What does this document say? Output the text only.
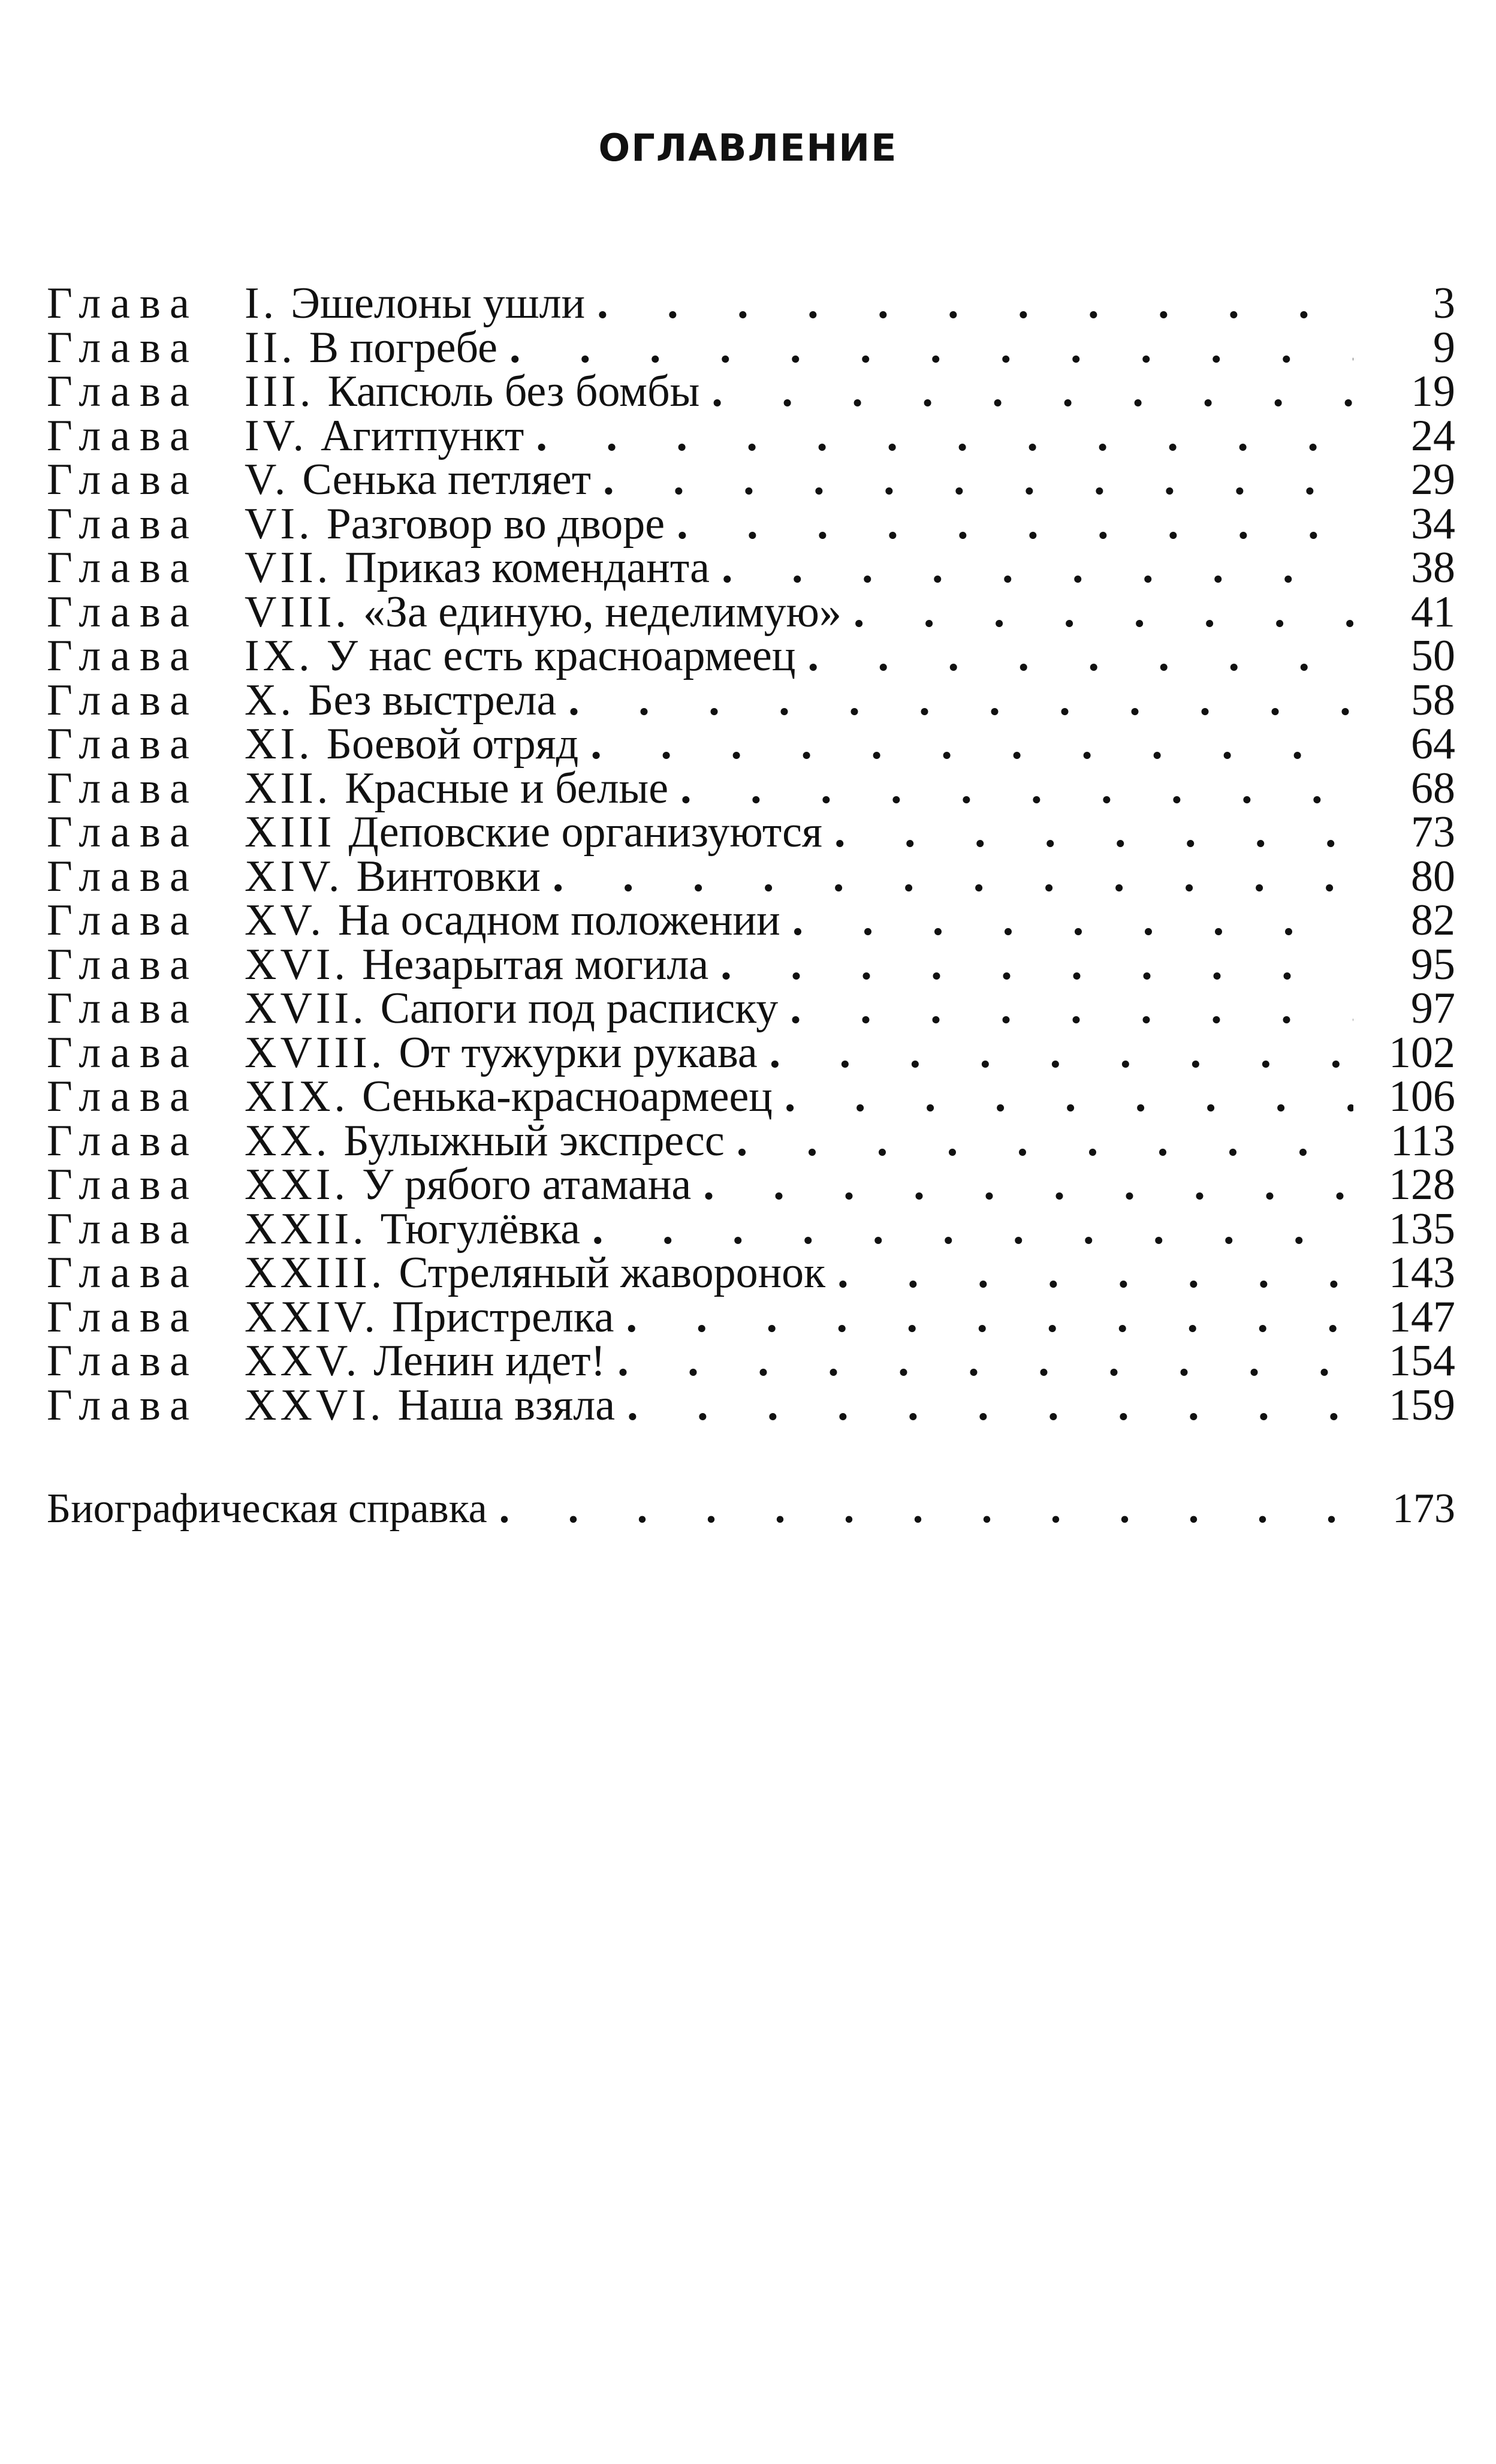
ОГЛАВЛЕНИЕ
Глава	I. Эшелоны ушли . . .	3
Глава	II. В погребе . . .	9
Глава	III. Капсюль без бомбы . . .	19
Глава	IV. Агитпункт . . .	24
Глава	V. Сенька петляет . . .	29
Глава	VI. Разговор во дворе . . .	34
Глава	VII. Приказ коменданта . . .	38
Глава	VIII. «За единую, неделимую» . . .	41
Глава	IX. У нас есть красноармеец . . .	50
Глава	X. Без выстрела . . .	58
Глава	XI. Боевой отряд . . .	64
Глава	XII. Красные и белые . . .	68
Глава	XIII Деповские организуются . . .	73
Глава	XIV. Винтовки . . .	80
Глава	XV. На осадном положении . . .	82
Глава	XVI. Незарытая могила . . .	95
Глава	XVII. Сапоги под расписку . . .	97
Глава	XVIII. От тужурки рукава . . .	102
Глава	XIX. Сенька-красноармеец . . .	106
Глава	XX. Булыжный экспресс . . .	113
Глава	XXI. У рябого атамана . . .	128
Глава	XXII. Тюгулёвка . . .	135
Глава	XXIII. Стреляный жаворонок . . .	143
Глава	XXIV. Пристрелка . . .	147
Глава	XXV. Ленин идет! . . .	154
Глава	XXVI. Наша взяла . . .	159
Биографическая справка . . .	173
